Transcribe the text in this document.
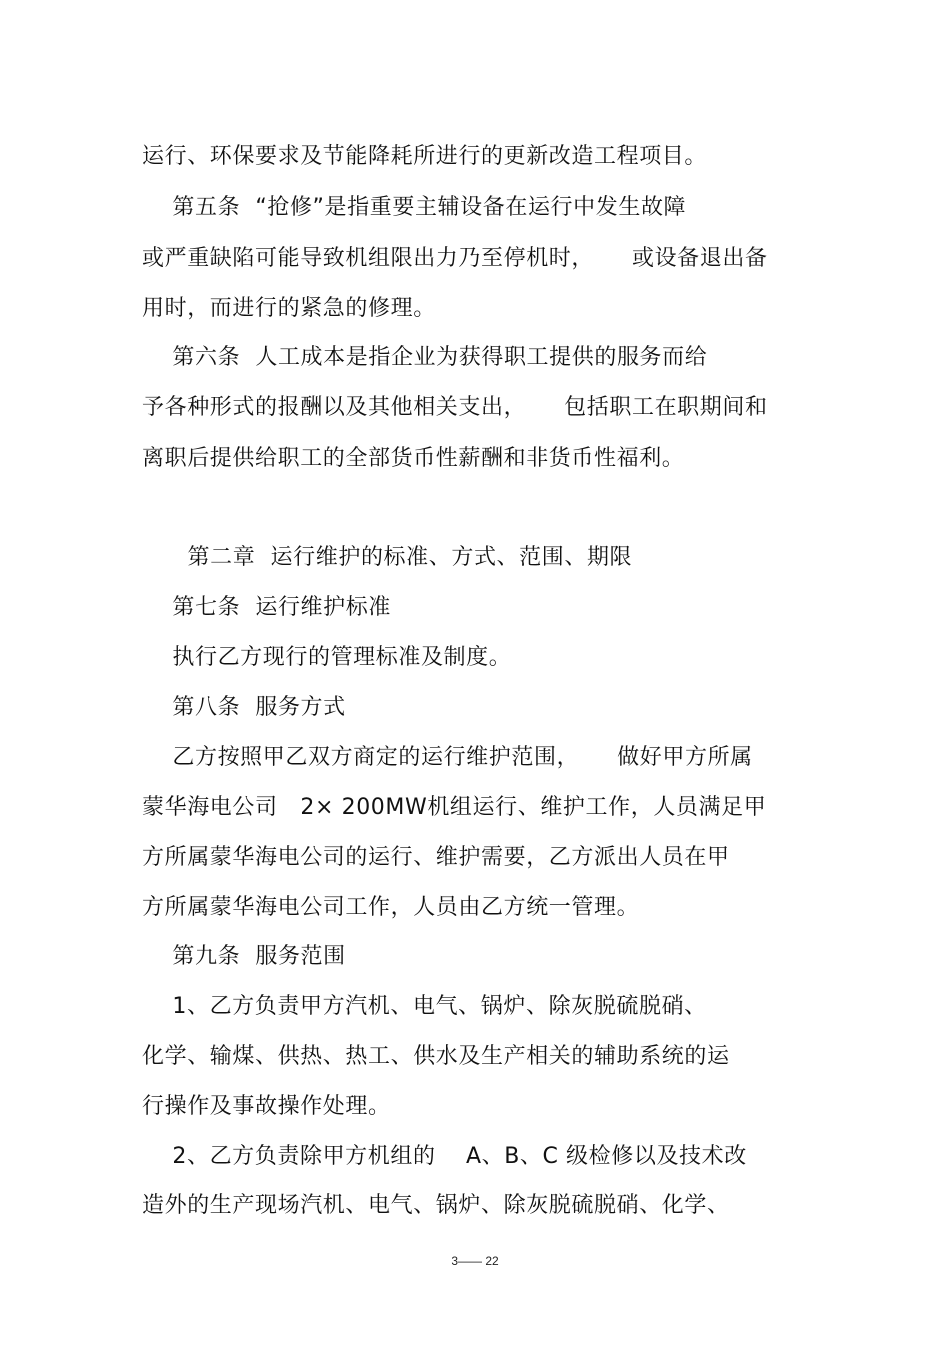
运行、环保要求及节能降耗所进行的更新改造工程项目。
第五条  “抢修”是指重要主辅设备在运行中发生故障
或严重缺陷可能导致机组限出力乃至停机时，     或设备退出备
用时，而进行的紧急的修理。
第六条  人工成本是指企业为获得职工提供的服务而给
予各种形式的报酬以及其他相关支出，     包括职工在职期间和
离职后提供给职工的全部货币性薪酬和非货币性福利。
第二章  运行维护的标准、方式、范围、期限
第七条  运行维护标准
执行乙方现行的管理标准及制度。
第八条  服务方式
乙方按照甲乙双方商定的运行维护范围，     做好甲方所属
蒙华海电公司   2× 200MW机组运行、维护工作，人员满足甲
方所属蒙华海电公司的运行、维护需要，乙方派出人员在甲
方所属蒙华海电公司工作，人员由乙方统一管理。
第九条  服务范围
1、乙方负责甲方汽机、电气、锅炉、除灰脱硫脱硝、
化学、输煤、供热、热工、供水及生产相关的辅助系统的运
行操作及事故操作处理。
2、乙方负责除甲方机组的    A、B、C 级检修以及技术改
造外的生产现场汽机、电气、锅炉、除灰脱硫脱硝、化学、
3—— 22
